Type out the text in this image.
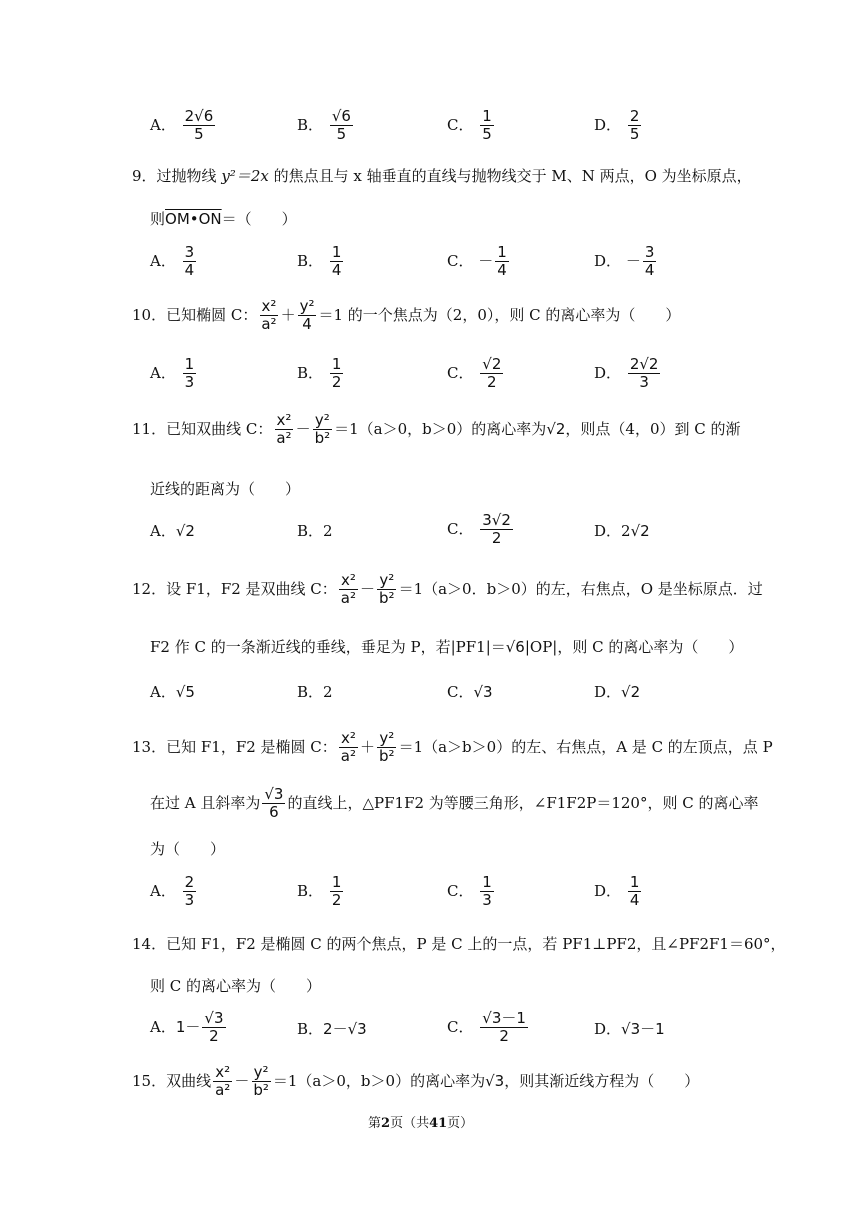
A． $\frac{2√6}{5}$	B． $\frac{√6}{5}$	C． $\frac{1}{5}$	D． $\frac{2}{5}$
9．过抛物线 y²＝2x 的焦点且与 x 轴垂直的直线与抛物线交于 M、N 两点，O 为坐标原点，
则OM•ON＝（　　）
A． $\frac{3}{4}$	B． $\frac{1}{4}$	C． － $\frac{1}{4}$	D． － $\frac{3}{4}$
10．已知椭圆 C： $\frac{\text{x²}}{\text{a²}} + \frac{\text{y²}}{4} =1$ 的一个焦点为（2，0），则 C 的离心率为（　　）
A． $\frac{1}{3}$	B． $\frac{1}{2}$	C． $\frac{√2}{2}$	D． $\frac{2√2}{3}$
11．已知双曲线 C： $\frac{\text{x²}}{\text{a²}} - \frac{\text{y²}}{\text{b²}} =1(a>0$，b＞0）的离心率为√2，则点（4，0）到 C 的渐
近线的距离为（　　）
A．√2	B．2	C． $\frac{3√2}{2}$	D．2√2
12．设 F1，F2 是双曲线 C： $\frac{\text{x²}}{\text{a²}} - \frac{\text{y²}}{\text{b²}} =1(a>0$．b＞0）的左，右焦点，O 是坐标原点．过
F2 作 C 的一条渐近线的垂线，垂足为 P，若|PF1|＝√6|OP|，则 C 的离心率为（　　）
A．√5	B．2	C．√3	D．√2
13．已知 F1，F2 是椭圆 C： $\frac{\text{x²}}{\text{a²}} + \frac{\text{y²}}{\text{b²}} =1(a>b>0)$的左、右焦点，A 是 C 的左顶点，点 P
在过 A 且斜率为 $\frac{√3}{6}$ 的直线上，△PF1F2 为等腰三角形，∠F1F2P＝120°，则 C 的离心率
为（　　）
A． $\frac{2}{3}$	B． $\frac{1}{2}$	C． $\frac{1}{3}$	D． $\frac{1}{4}$
14．已知 F1，F2 是椭圆 C 的两个焦点，P 是 C 上的一点，若 PF1⊥PF2，且∠PF2F1＝60°，
则 C 的离心率为（　　）
A．$1- \frac{√3}{2}$	B．2－√3	C． $\frac{√3-1}{2}$	D．√3－1
15．双曲线 $\frac{\text{x²}}{\text{a²}} - \frac{\text{y²}}{\text{b²}} =1(a>0$，b＞0）的离心率为√3，则其渐近线方程为（　　）
第2页（共41页）
